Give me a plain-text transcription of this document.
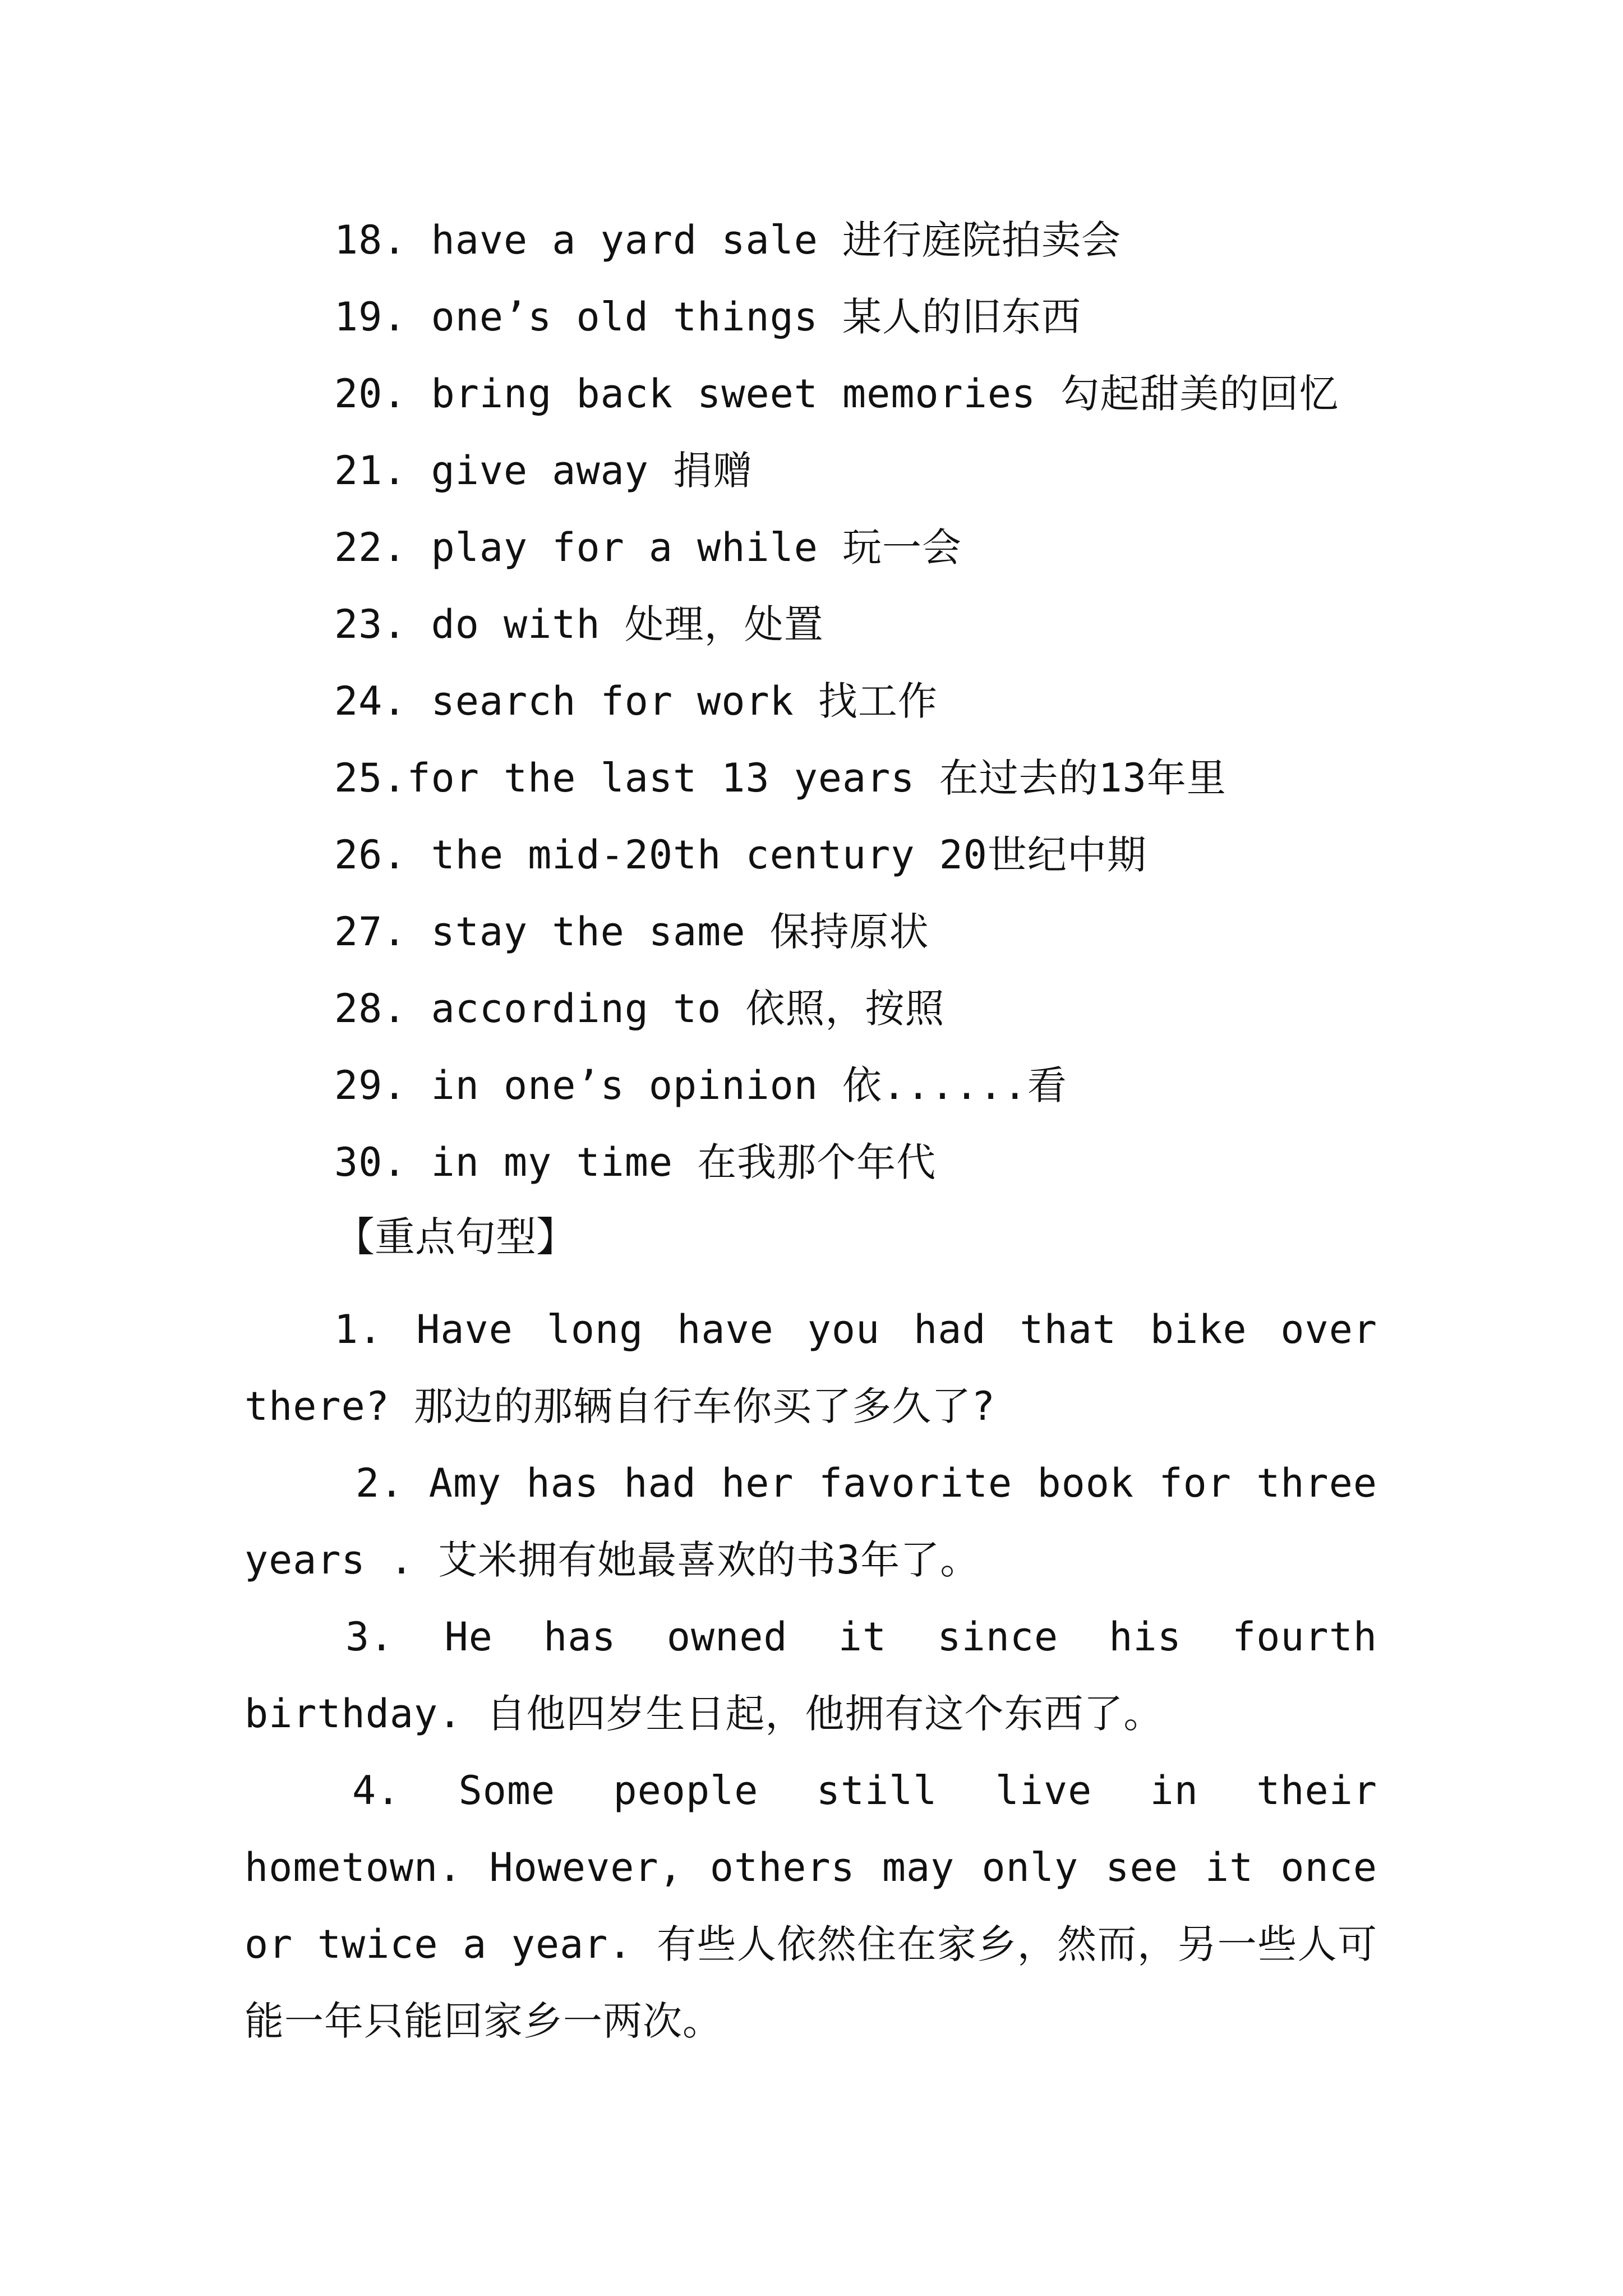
18. have a yard sale 进行庭院拍卖会
19. one’s old things 某人的旧东西
20. bring back sweet memories 勾起甜美的回忆
21. give away 捐赠
22. play for a while 玩一会
23. do with 处理，处置
24. search for work 找工作
25.for the last 13 years 在过去的13年里
26. the mid-20th century 20世纪中期
27. stay the same 保持原状
28. according to 依照，按照
29. in one’s opinion 依......看
30. in my time 在我那个年代
【重点句型】

1. Have long have you had that bike over there? 那边的那辆自行车你买了多久了?

2. Amy has had her favorite book for three years . 艾米拥有她最喜欢的书3年了。

3. He has owned it since his fourth birthday. 自他四岁生日起，他拥有这个东西了。

4. Some people still live in their hometown. However, others may only see it once or twice a year. 有些人依然住在家乡，然而，另一些人可能一年只能回家乡一两次。
